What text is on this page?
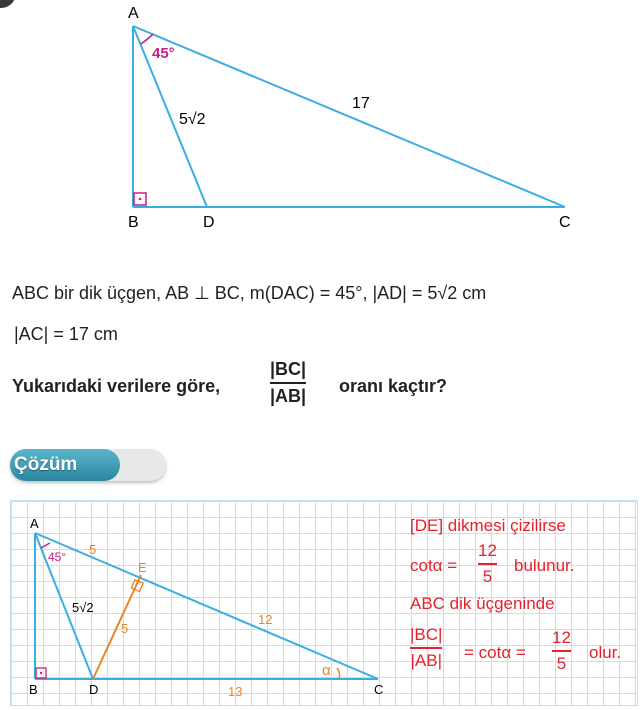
A
B	D	C
45°
5√2
17
ABC bir dik üçgen, AB ⊥ BC, m(DAC) = 45°, |AD| = 5√2 cm
|AC| = 17 cm
Yukarıdaki verilere göre,
|BC|
|AB| oranı kaçtır?
Çözüm
A
B	D	C
E
45° 5
5√2
5
12
13
α
[DE] dikmesi çizilirse
cotα =
12
5
bulunur.
ABC dik üçgeninde
|BC|
|AB| = cotα =
12
5
olur.
